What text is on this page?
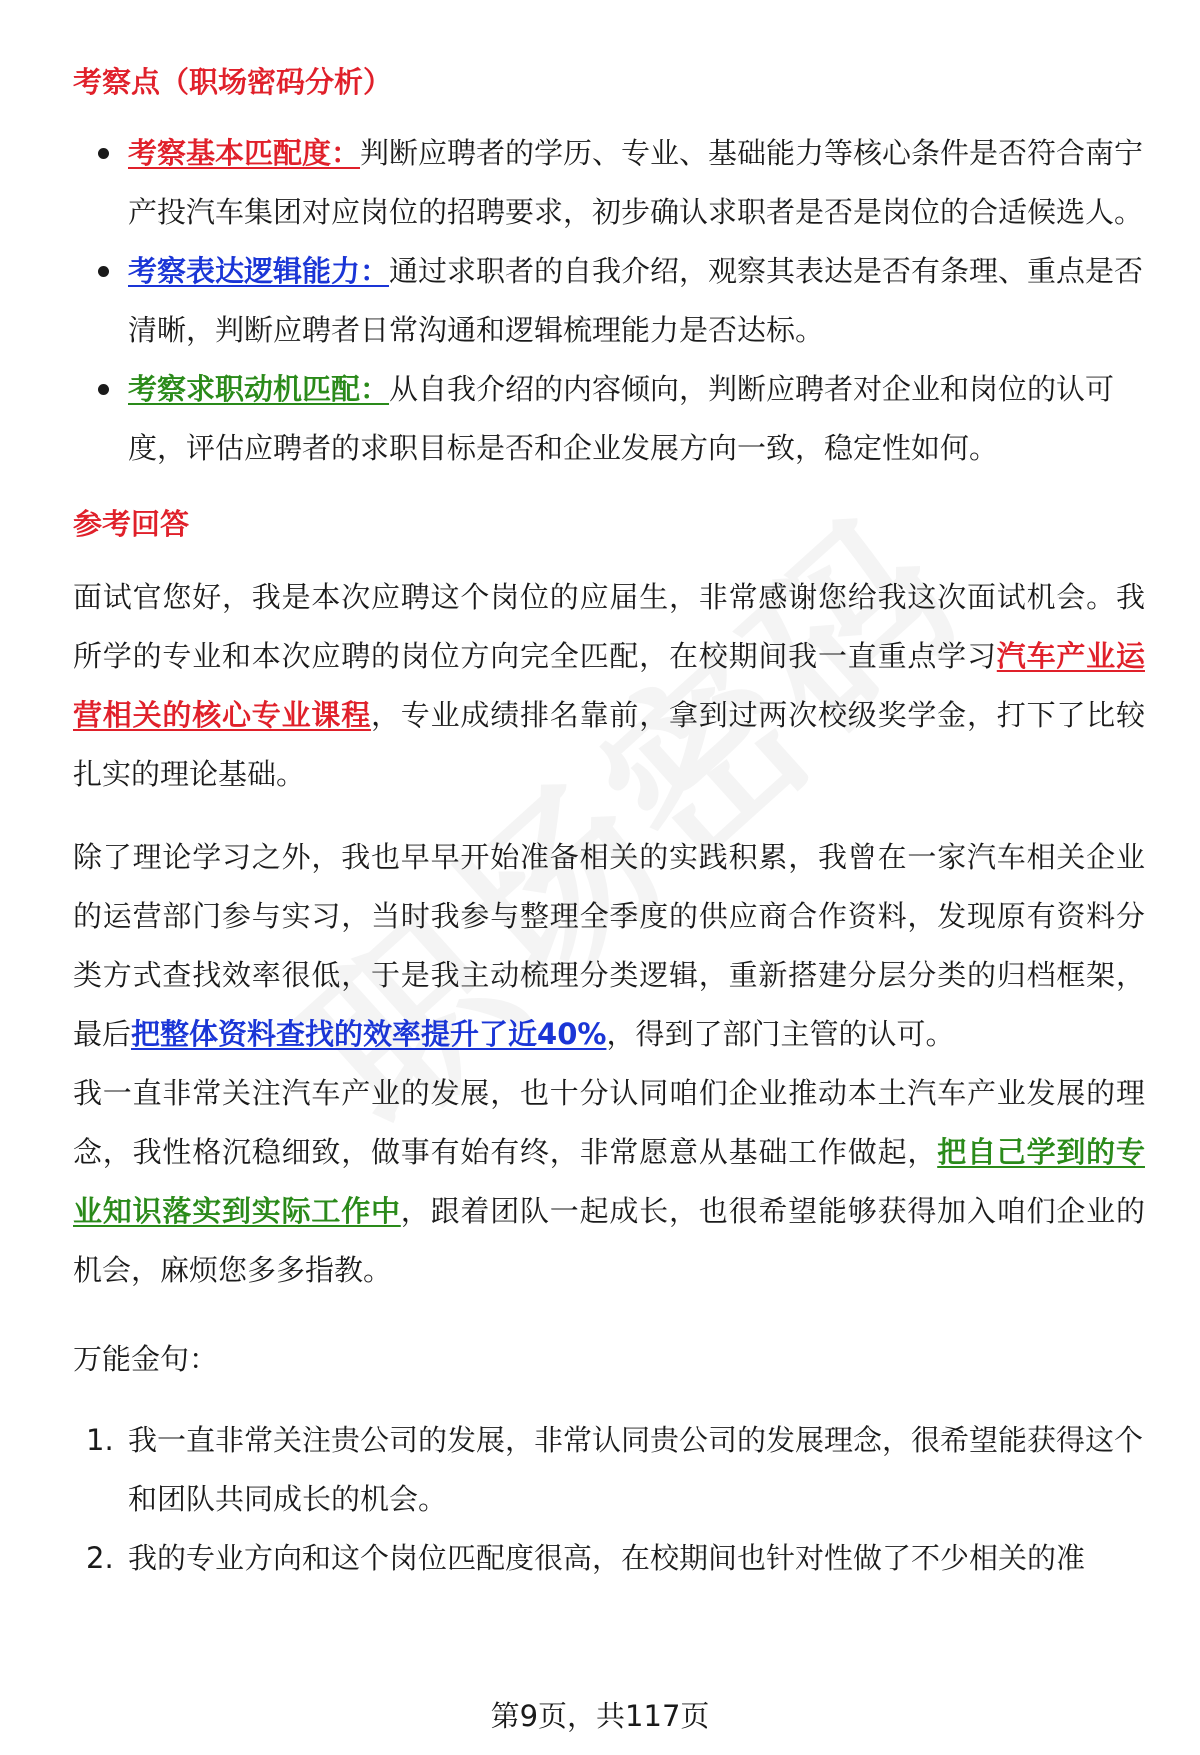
考察点（职场密码分析）
考察基本匹配度：判断应聘者的学历、专业、基础能力等核心条件是否符合南宁产投汽车集团对应岗位的招聘要求，初步确认求职者是否是岗位的合适候选人。
考察表达逻辑能力：通过求职者的自我介绍，观察其表达是否有条理、重点是否清晰，判断应聘者日常沟通和逻辑梳理能力是否达标。
考察求职动机匹配：从自我介绍的内容倾向，判断应聘者对企业和岗位的认可度，评估应聘者的求职目标是否和企业发展方向一致，稳定性如何。
参考回答

面试官您好，我是本次应聘这个岗位的应届生，非常感谢您给我这次面试机会。我所学的专业和本次应聘的岗位方向完全匹配，在校期间我一直重点学习汽车产业运营相关的核心专业课程，专业成绩排名靠前，拿到过两次校级奖学金，打下了比较扎实的理论基础。

除了理论学习之外，我也早早开始准备相关的实践积累，我曾在一家汽车相关企业的运营部门参与实习，当时我参与整理全季度的供应商合作资料，发现原有资料分类方式查找效率很低，于是我主动梳理分类逻辑，重新搭建分层分类的归档框架，最后把整体资料查找的效率提升了近40%，得到了部门主管的认可。

我一直非常关注汽车产业的发展，也十分认同咱们企业推动本土汽车产业发展的理念，我性格沉稳细致，做事有始有终，非常愿意从基础工作做起，把自己学到的专业知识落实到实际工作中，跟着团队一起成长，也很希望能够获得加入咱们企业的机会，麻烦您多多指教。

万能金句：
1. 我一直非常关注贵公司的发展，非常认同贵公司的发展理念，很希望能获得这个和团队共同成长的机会。
2. 我的专业方向和这个岗位匹配度很高，在校期间也针对性做了不少相关的准
第9页，共117页
